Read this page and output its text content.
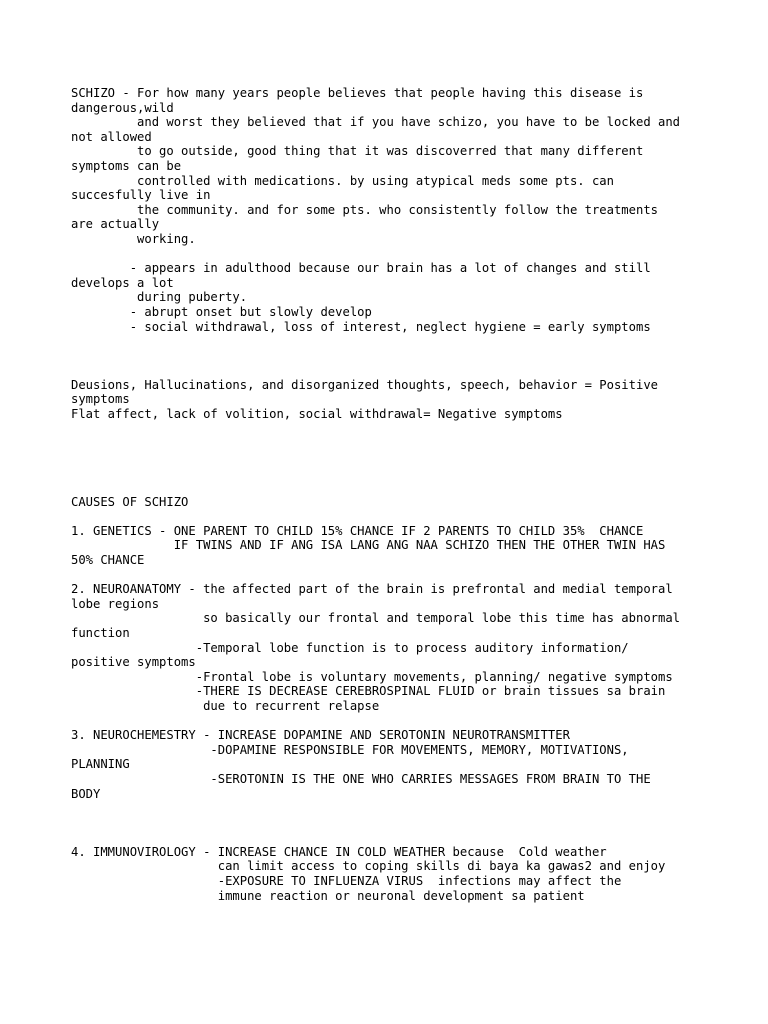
SCHIZO - For how many years people believes that people having this disease is
dangerous,wild
and worst they believed that if you have schizo, you have to be locked and
not allowed
to go outside, good thing that it was discoverred that many different
symptoms can be
controlled with medications. by using atypical meds some pts. can
succesfully live in
the community. and for some pts. who consistently follow the treatments
are actually
working.
- appears in adulthood because our brain has a lot of changes and still
develops a lot
during puberty.
- abrupt onset but slowly develop
- social withdrawal, loss of interest, neglect hygiene = early symptoms
Deusions, Hallucinations, and disorganized thoughts, speech, behavior = Positive
symptoms
Flat affect, lack of volition, social withdrawal= Negative symptoms
CAUSES OF SCHIZO
1. GENETICS - ONE PARENT TO CHILD 15% CHANCE IF 2 PARENTS TO CHILD 35%  CHANCE
IF TWINS AND IF ANG ISA LANG ANG NAA SCHIZO THEN THE OTHER TWIN HAS
50% CHANCE
2. NEUROANATOMY - the affected part of the brain is prefrontal and medial temporal
lobe regions
so basically our frontal and temporal lobe this time has abnormal
function
-Temporal lobe function is to process auditory information/
positive symptoms
-Frontal lobe is voluntary movements, planning/ negative symptoms
-THERE IS DECREASE CEREBROSPINAL FLUID or brain tissues sa brain
due to recurrent relapse
3. NEUROCHEMESTRY - INCREASE DOPAMINE AND SEROTONIN NEUROTRANSMITTER
-DOPAMINE RESPONSIBLE FOR MOVEMENTS, MEMORY, MOTIVATIONS,
PLANNING
-SEROTONIN IS THE ONE WHO CARRIES MESSAGES FROM BRAIN TO THE
BODY
4. IMMUNOVIROLOGY - INCREASE CHANCE IN COLD WEATHER because  Cold weather
can limit access to coping skills di baya ka gawas2 and enjoy
-EXPOSURE TO INFLUENZA VIRUS  infections may affect the
immune reaction or neuronal development sa patient
